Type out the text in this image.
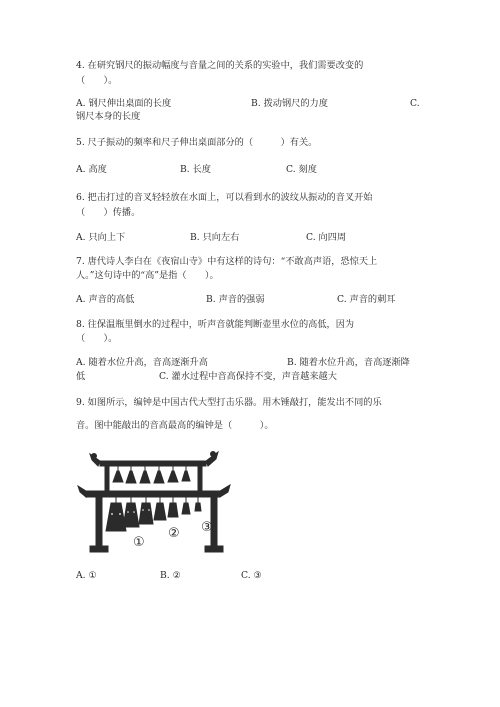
4. 在研究钢尺的振动幅度与音量之间的关系的实验中，我们需要改变的
（　　）。
A. 钢尺伸出桌面的长度	B. 拨动钢尺的力度	C.
钢尺本身的长度
5. 尺子振动的频率和尺子伸出桌面部分的（　　　）有关。
A. 高度	B. 长度	C. 刻度
6. 把击打过的音叉轻轻放在水面上，可以看到水的波纹从振动的音叉开始
（　　）传播。
A. 只向上下	B. 只向左右	C. 向四周
7. 唐代诗人李白在《夜宿山寺》中有这样的诗句：“不敢高声语，恐惊天上
人。”这句诗中的“高”是指（　　）。
A. 声音的高低	B. 声音的强弱	C. 声音的刺耳
8. 往保温瓶里倒水的过程中，听声音就能判断壶里水位的高低，因为
（　　）。
A. 随着水位升高，音高逐渐升高	B. 随着水位升高，音高逐渐降
低	C. 灌水过程中音高保持不变，声音越来越大
9. 如图所示，编钟是中国古代大型打击乐器。用木锤敲打，能发出不同的乐
音。图中能敲出的音高最高的编钟是（　　　）。
①
② ③
A. ①	B. ②	C. ③
